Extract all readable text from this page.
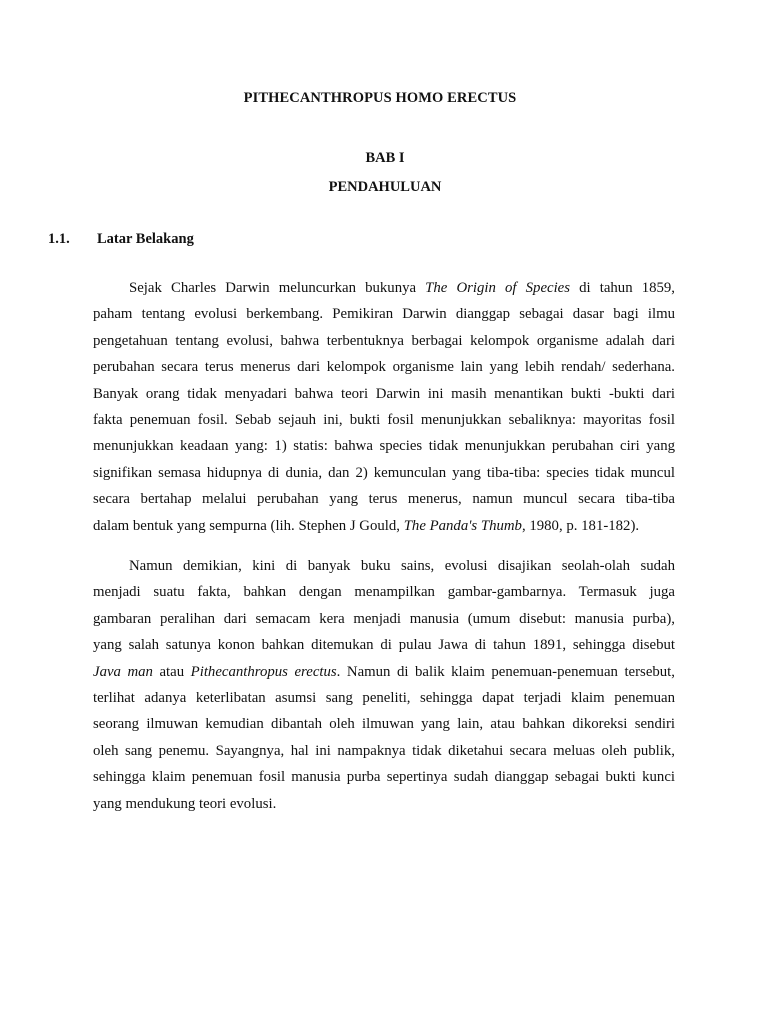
PITHECANTHROPUS HOMO ERECTUS
BAB I
PENDAHULUAN
1.1. Latar Belakang
Sejak Charles Darwin meluncurkan bukunya The Origin of Species di tahun 1859,
paham tentang evolusi berkembang. Pemikiran Darwin dianggap sebagai dasar bagi ilmu
pengetahuan tentang evolusi, bahwa terbentuknya berbagai kelompok organisme adalah dari
perubahan secara terus menerus dari kelompok organisme lain yang lebih rendah/ sederhana.
Banyak orang tidak menyadari bahwa teori Darwin ini masih menantikan bukti -bukti dari
fakta penemuan fosil. Sebab sejauh ini, bukti fosil menunjukkan sebaliknya: mayoritas fosil
menunjukkan keadaan yang: 1) statis: bahwa species tidak menunjukkan perubahan ciri yang
signifikan semasa hidupnya di dunia, dan 2) kemunculan yang tiba-tiba: species tidak muncul
secara bertahap melalui perubahan yang terus menerus, namun muncul secara tiba-tiba
dalam bentuk yang sempurna (lih. Stephen J Gould, The Panda's Thumb, 1980, p. 181-182).
Namun demikian, kini di banyak buku sains, evolusi disajikan seolah-olah sudah
menjadi suatu fakta, bahkan dengan menampilkan gambar-gambarnya. Termasuk juga
gambaran peralihan dari semacam kera menjadi manusia (umum disebut: manusia purba),
yang salah satunya konon bahkan ditemukan di pulau Jawa di tahun 1891, sehingga disebut
Java man atau Pithecanthropus erectus. Namun di balik klaim penemuan-penemuan tersebut,
terlihat adanya keterlibatan asumsi sang peneliti, sehingga dapat terjadi klaim penemuan
seorang ilmuwan kemudian dibantah oleh ilmuwan yang lain, atau bahkan dikoreksi sendiri
oleh sang penemu. Sayangnya, hal ini nampaknya tidak diketahui secara meluas oleh publik,
sehingga klaim penemuan fosil manusia purba sepertinya sudah dianggap sebagai bukti kunci
yang mendukung teori evolusi.
